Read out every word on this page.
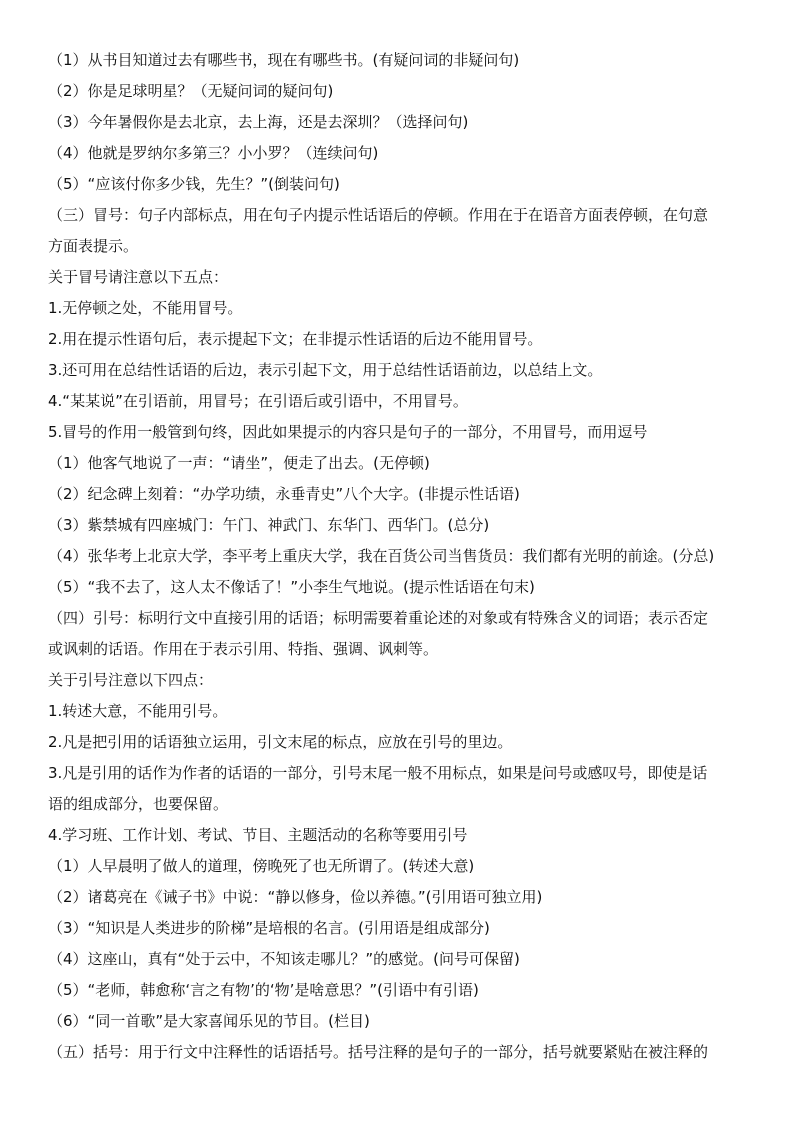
（1）从书目知道过去有哪些书，现在有哪些书。(有疑问词的非疑问句)
（2）你是足球明星？（无疑问词的疑问句)
（3）今年暑假你是去北京，去上海，还是去深圳？（选择问句)
（4）他就是罗纳尔多第三？小小罗？（连续问句)
（5）“应该付你多少钱，先生？”(倒装问句)
（三）冒号：句子内部标点，用在句子内提示性话语后的停顿。作用在于在语音方面表停顿，在句意
方面表提示。
关于冒号请注意以下五点：
1.无停顿之处，不能用冒号。
2.用在提示性语句后，表示提起下文；在非提示性话语的后边不能用冒号。
3.还可用在总结性话语的后边，表示引起下文，用于总结性话语前边，以总结上文。
4.“某某说”在引语前，用冒号；在引语后或引语中，不用冒号。
5.冒号的作用一般管到句终，因此如果提示的内容只是句子的一部分，不用冒号，而用逗号
（1）他客气地说了一声：“请坐”，便走了出去。(无停顿)
（2）纪念碑上刻着：“办学功绩，永垂青史”八个大字。(非提示性话语)
（3）紫禁城有四座城门：午门、神武门、东华门、西华门。(总分)
（4）张华考上北京大学，李平考上重庆大学，我在百货公司当售货员：我们都有光明的前途。(分总)
（5）“我不去了，这人太不像话了！”小李生气地说。(提示性话语在句末)
（四）引号：标明行文中直接引用的话语；标明需要着重论述的对象或有特殊含义的词语；表示否定
或讽刺的话语。作用在于表示引用、特指、强调、讽刺等。
关于引号注意以下四点：
1.转述大意，不能用引号。
2.凡是把引用的话语独立运用，引文末尾的标点，应放在引号的里边。
3.凡是引用的话作为作者的话语的一部分，引号末尾一般不用标点，如果是问号或感叹号，即使是话
语的组成部分，也要保留。
4.学习班、工作计划、考试、节目、主题活动的名称等要用引号
（1）人早晨明了做人的道理，傍晚死了也无所谓了。(转述大意)
（2）诸葛亮在《诫子书》中说：“静以修身，俭以养德。”(引用语可独立用)
（3）“知识是人类进步的阶梯”是培根的名言。(引用语是组成部分)
（4）这座山，真有“处于云中，不知该走哪儿？”的感觉。(问号可保留)
（5）“老师，韩愈称‘言之有物’的‘物’是啥意思？”(引语中有引语)
（6）“同一首歌”是大家喜闻乐见的节目。(栏目)
（五）括号：用于行文中注释性的话语括号。括号注释的是句子的一部分，括号就要紧贴在被注释的
